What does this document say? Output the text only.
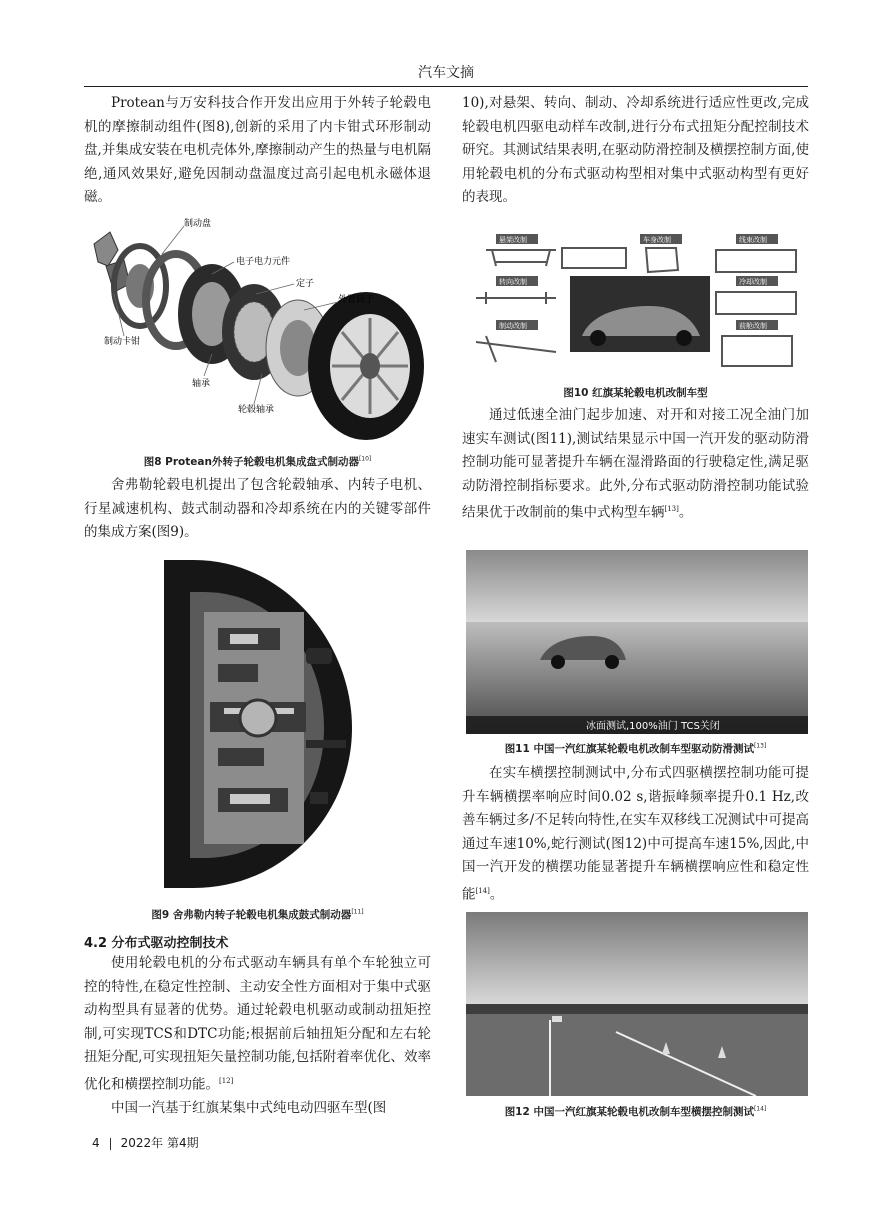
汽车文摘

Protean与万安科技合作开发出应用于外转子轮毂电机的摩擦制动组件(图8),创新的采用了内卡钳式环形制动盘,并集成安装在电机壳体外,摩擦制动产生的热量与电机隔绝,通风效果好,避免因制动盘温度过高引起电机永磁体退磁。

制动盘
电子电力元件
定子
外置转子
制动卡钳
轴承
轮毂轴承
图8 Protean外转子轮毂电机集成盘式制动器[10]

舍弗勒轮毂电机提出了包含轮毂轴承、内转子电机、行星减速机构、鼓式制动器和冷却系统在内的关键零部件的集成方案(图9)。

图9 舍弗勒内转子轮毂电机集成鼓式制动器[11]

4.2 分布式驱动控制技术

使用轮毂电机的分布式驱动车辆具有单个车轮独立可控的特性,在稳定性控制、主动安全性方面相对于集中式驱动构型具有显著的优势。通过轮毂电机驱动或制动扭矩控制,可实现TCS和DTC功能;根据前后轴扭矩分配和左右轮扭矩分配,可实现扭矩矢量控制功能,包括附着率优化、效率优化和横摆控制功能。[12]

中国一汽基于红旗某集中式纯电动四驱车型(图

10),对悬架、转向、制动、冷却系统进行适应性更改,完成轮毂电机四驱电动样车改制,进行分布式扭矩分配控制技术研究。其测试结果表明,在驱动防滑控制及横摆控制方面,使用轮毂电机的分布式驱动构型相对集中式驱动构型有更好的表现。

悬架改制	车身改制	线束改制
转向改制	冷却改制
制动改制	前舱改制
图10 红旗某轮毂电机改制车型

通过低速全油门起步加速、对开和对接工况全油门加速实车测试(图11),测试结果显示中国一汽开发的驱动防滑控制功能可显著提升车辆在湿滑路面的行驶稳定性,满足驱动防滑控制指标要求。此外,分布式驱动防滑控制功能试验结果优于改制前的集中式构型车辆[13]。

冰面测试,100%油门 TCS关闭
图11 中国一汽红旗某轮毂电机改制车型驱动防滑测试[13]

在实车横摆控制测试中,分布式四驱横摆控制功能可提升车辆横摆率响应时间0.02 s,谐振峰频率提升0.1 Hz,改善车辆过多/不足转向特性,在实车双移线工况测试中可提高通过车速10%,蛇行测试(图12)中可提高车速15%,因此,中国一汽开发的横摆功能显著提升车辆横摆响应性和稳定性能[14]。

图12 中国一汽红旗某轮毂电机改制车型横摆控制测试[14]
4 2022年 第4期
